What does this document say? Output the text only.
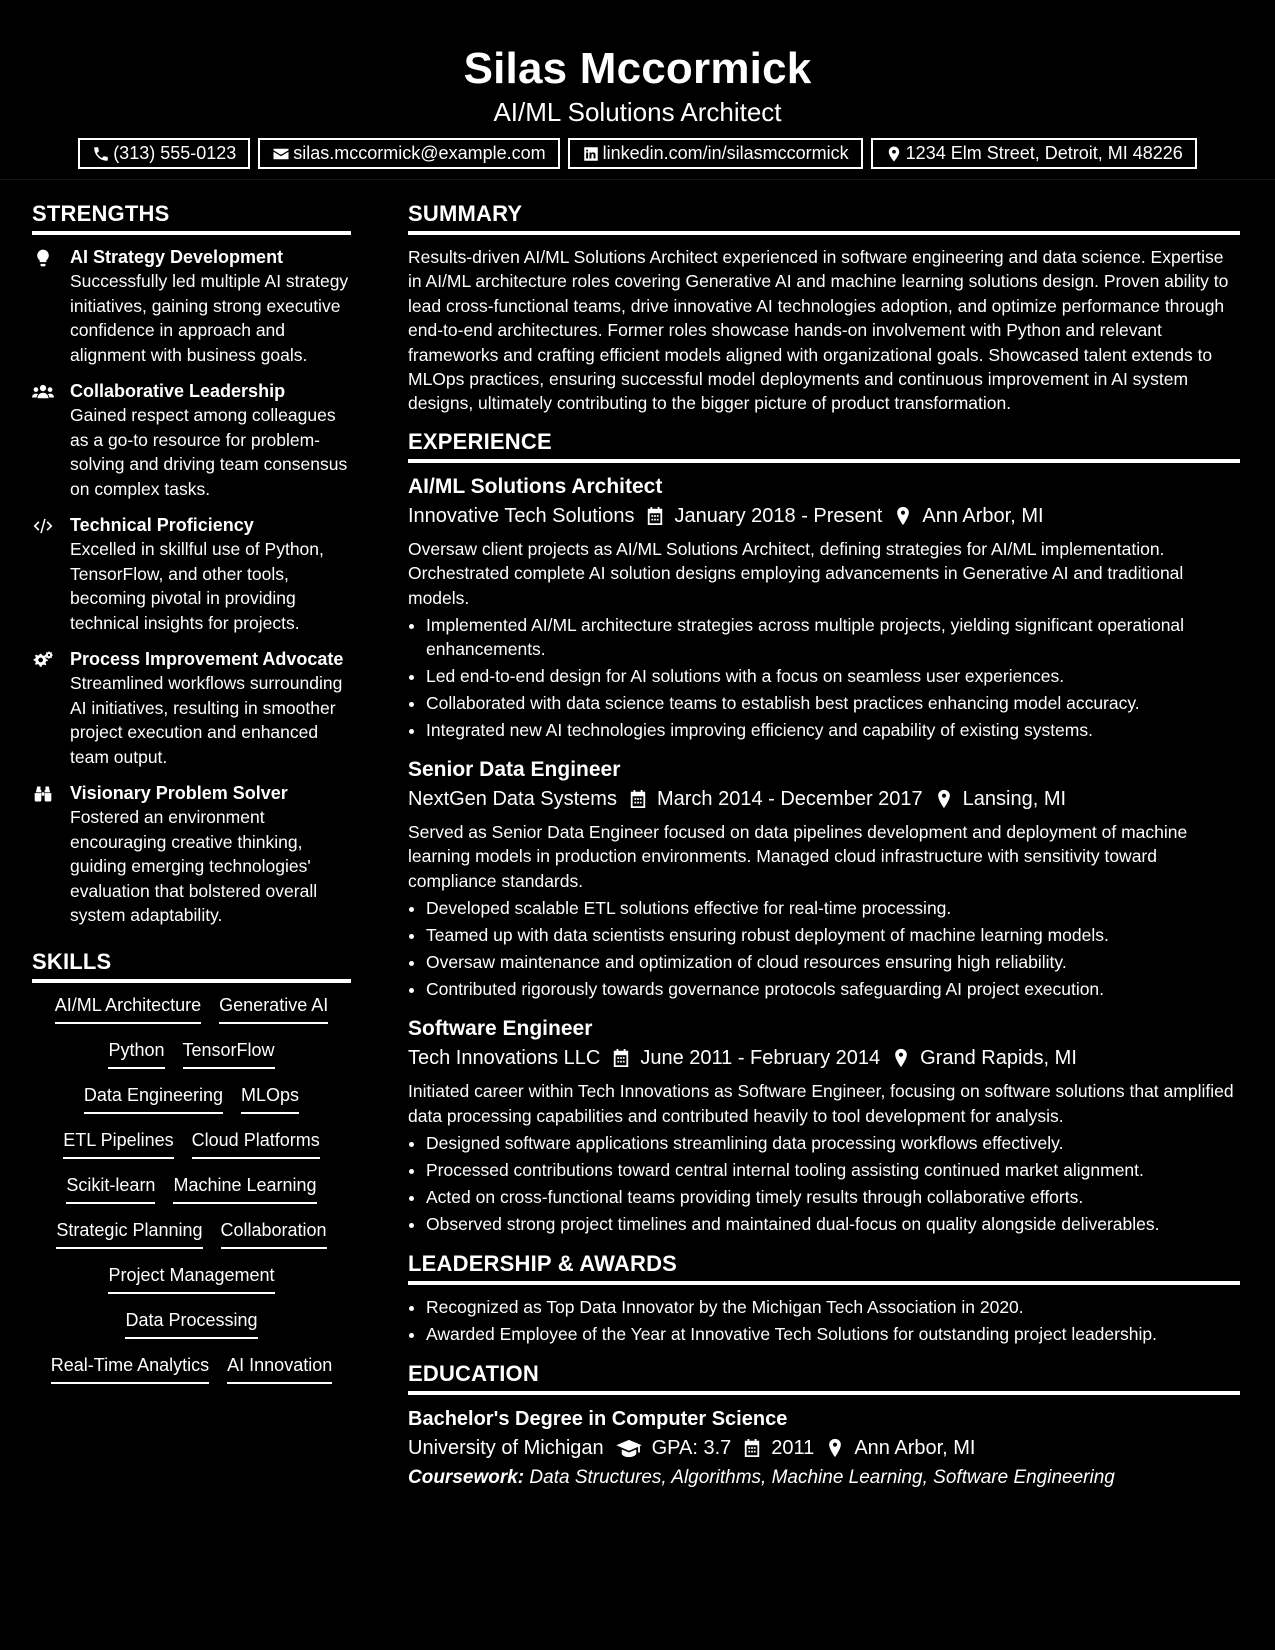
Silas Mccormick
AI/ML Solutions Architect
(313) 555-0123	silas.mccormick@example.com	linkedin.com/in/silasmccormick	1234 Elm Street, Detroit, MI 48226
STRENGTHS
AI Strategy Development
Successfully led multiple AI strategy initiatives, gaining strong executive confidence in approach and alignment with business goals.
Collaborative Leadership
Gained respect among colleagues as a go-to resource for problem-solving and driving team consensus on complex tasks.
Technical Proficiency
Excelled in skillful use of Python, TensorFlow, and other tools, becoming pivotal in providing technical insights for projects.
Process Improvement Advocate
Streamlined workflows surrounding AI initiatives, resulting in smoother project execution and enhanced team output.
Visionary Problem Solver
Fostered an environment encouraging creative thinking, guiding emerging technologies' evaluation that bolstered overall system adaptability.
SKILLS
AI/ML Architecture Generative AI
Python TensorFlow
Data Engineering MLOps
ETL Pipelines Cloud Platforms
Scikit-learn Machine Learning
Strategic Planning Collaboration
Project Management
Data Processing
Real-Time Analytics AI Innovation
SUMMARY
Results-driven AI/ML Solutions Architect experienced in software engineering and data science. Expertise in AI/ML architecture roles covering Generative AI and machine learning solutions design. Proven ability to lead cross-functional teams, drive innovative AI technologies adoption, and optimize performance through end-to-end architectures. Former roles showcase hands-on involvement with Python and relevant frameworks and crafting efficient models aligned with organizational goals. Showcased talent extends to MLOps practices, ensuring successful model deployments and continuous improvement in AI system designs, ultimately contributing to the bigger picture of product transformation.
EXPERIENCE
AI/ML Solutions Architect
Innovative Tech Solutions January 2018 - Present Ann Arbor, MI
Oversaw client projects as AI/ML Solutions Architect, defining strategies for AI/ML implementation. Orchestrated complete AI solution designs employing advancements in Generative AI and traditional models.
• Implemented AI/ML architecture strategies across multiple projects, yielding significant operational enhancements.
• Led end-to-end design for AI solutions with a focus on seamless user experiences.
• Collaborated with data science teams to establish best practices enhancing model accuracy.
• Integrated new AI technologies improving efficiency and capability of existing systems.
Senior Data Engineer
NextGen Data Systems March 2014 - December 2017 Lansing, MI
Served as Senior Data Engineer focused on data pipelines development and deployment of machine learning models in production environments. Managed cloud infrastructure with sensitivity toward compliance standards.
• Developed scalable ETL solutions effective for real-time processing.
• Teamed up with data scientists ensuring robust deployment of machine learning models.
• Oversaw maintenance and optimization of cloud resources ensuring high reliability.
• Contributed rigorously towards governance protocols safeguarding AI project execution.
Software Engineer
Tech Innovations LLC June 2011 - February 2014 Grand Rapids, MI
Initiated career within Tech Innovations as Software Engineer, focusing on software solutions that amplified data processing capabilities and contributed heavily to tool development for analysis.
• Designed software applications streamlining data processing workflows effectively.
• Processed contributions toward central internal tooling assisting continued market alignment.
• Acted on cross-functional teams providing timely results through collaborative efforts.
• Observed strong project timelines and maintained dual-focus on quality alongside deliverables.
LEADERSHIP & AWARDS
• Recognized as Top Data Innovator by the Michigan Tech Association in 2020.
• Awarded Employee of the Year at Innovative Tech Solutions for outstanding project leadership.
EDUCATION
Bachelor's Degree in Computer Science
University of Michigan GPA: 3.7 2011 Ann Arbor, MI
Coursework: Data Structures, Algorithms, Machine Learning, Software Engineering
